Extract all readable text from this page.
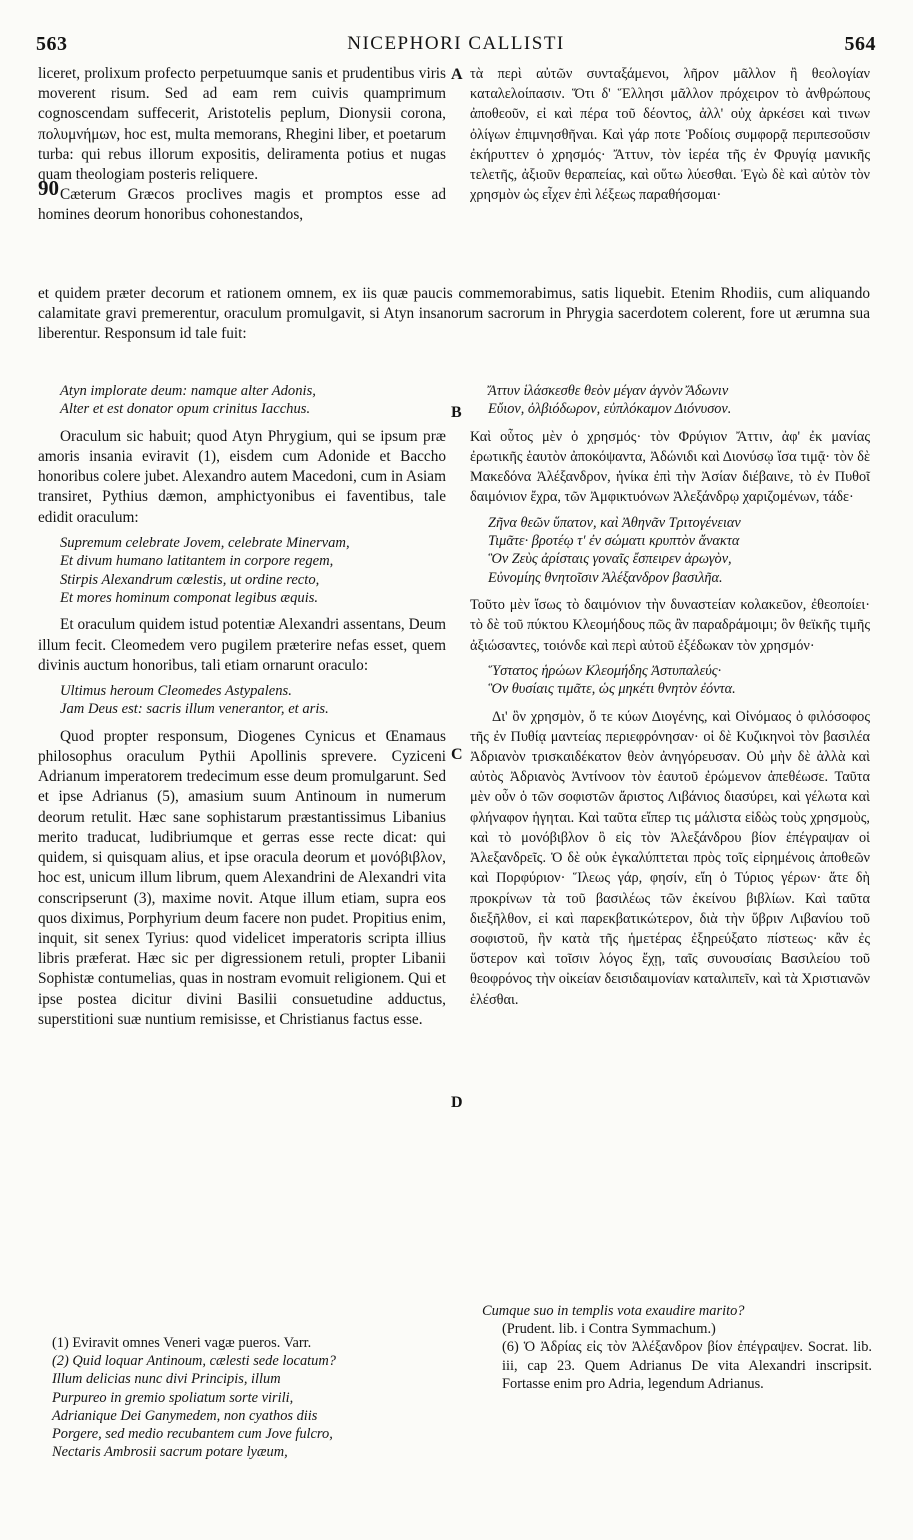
563	NICEPHORI CALLISTI	564

liceret, prolixum profecto perpetuumque sanis et prudentibus viris moverent risum. Sed ad eam rem cuivis quamprimum cognoscendam suffecerit, Aristotelis peplum, Dionysii corona, πολυμνήμων, hoc est, multa memorans, Rhegini liber, et poetarum turba: qui rebus illorum expositis, deliramenta potius et nugas quam theologiam posteris reliquere.

Cæterum Græcos proclives magis et promptos esse ad homines deorum honoribus cohonestandos,

90
A τὰ περὶ αὐτῶν συνταξάμενοι, λῆρον μᾶλλον ἢ θεολογίαν καταλελοίπασιν. Ὅτι δ' Ἕλλησι μᾶλλον πρόχειρον τὸ ἀνθρώπους ἀποθεοῦν, εἰ καὶ πέρα τοῦ δέοντος, ἀλλ' οὐχ ἀρκέσει καὶ τινων ὀλίγων ἐπιμνησθῆναι. Καὶ γάρ ποτε Ῥοδίοις συμφορᾷ περιπεσοῦσιν ἐκήρυττεν ὁ χρησμός· Ἄττυν, τὸν ἱερέα τῆς ἐν Φρυγίᾳ μανικῆς τελετῆς, ἀξιοῦν θεραπείας, καὶ οὕτω λύεσθαι. Ἐγὼ δὲ καὶ αὐτὸν τὸν χρησμὸν ὡς εἶχεν ἐπὶ λέξεως παραθήσομαι·

et quidem præter decorum et rationem omnem, ex iis quæ paucis commemorabimus, satis liquebit. Etenim Rhodiis, cum aliquando calamitate gravi premerentur, oraculum promulgavit, si Atyn insanorum sacrorum in Phrygia sacerdotem colerent, fore ut ærumna sua liberentur. Responsum id tale fuit:

Atyn implorate deum: namque alter Adonis,
Alter et est donator opum crinitus Iacchus.

Oraculum sic habuit; quod Atyn Phrygium, qui se ipsum præ amoris insania eviravit (1), eisdem cum Adonide et Baccho honoribus colere jubet. Alexandro autem Macedoni, cum in Asiam transiret, Pythius dæmon, amphictyonibus ei faventibus, tale edidit oraculum:

Supremum celebrate Jovem, celebrate Minervam,
Et divum humano latitantem in corpore regem,
Stirpis Alexandrum cœlestis, ut ordine recto,
Et mores hominum componat legibus æquis.

Et oraculum quidem istud potentiæ Alexandri assentans, Deum illum fecit. Cleomedem vero pugilem præterire nefas esset, quem divinis auctum honoribus, tali etiam ornarunt oraculo:

Ultimus heroum Cleomedes Astypalens.
Jam Deus est: sacris illum venerantor, et aris.

Quod propter responsum, Diogenes Cynicus et Œnamaus philosophus oraculum Pythii Apollinis sprevere. Cyziceni Adrianum imperatorem tredecimum esse deum promulgarunt. Sed et ipse Adrianus (5), amasium suum Antinoum in numerum deorum retulit. Hæc sane sophistarum præstantissimus Libanius merito traducat, ludibriumque et gerras esse recte dicat: qui quidem, si quisquam alius, et ipse oracula deorum et μονόβιβλον, hoc est, unicum illum librum, quem Alexandrini de Alexandri vita conscripserunt (3), maxime novit. Atque illum etiam, supra eos quos diximus, Porphyrium deum facere non pudet. Propitius enim, inquit, sit senex Tyrius: quod videlicet imperatoris scripta illius libris præferat. Hæc sic per digressionem retuli, propter Libanii Sophistæ contumelias, quas in nostram evomuit religionem. Qui et ipse postea dicitur divini Basilii consuetudine adductus, superstitioni suæ nuntium remisisse, et Christianus factus esse.

B
C
D

Ἄττυν ἱλάσκεσθε θεὸν μέγαν ἁγνὸν Ἄδωνιν
Εὔιον, ὀλβιόδωρον, εὐπλόκαμον Διόνυσον.

Καὶ οὗτος μὲν ὁ χρησμός· τὸν Φρύγιον Ἄττιν, ἀφ' ἐκ μανίας ἐρωτικῆς ἑαυτὸν ἀποκόψαντα, Ἀδώνιδι καὶ Διονύσῳ ἴσα τιμᾷ· τὸν δὲ Μακεδόνα Ἀλέξανδρον, ἡνίκα ἐπὶ τὴν Ἀσίαν διέβαινε, τὸ ἐν Πυθοῖ δαιμόνιον ἔχρα, τῶν Ἀμφικτυόνων Ἀλεξάνδρῳ χαριζομένων, τάδε·

Ζῆνα θεῶν ὕπατον, καὶ Ἀθηνᾶν Τριτογένειαν
Τιμᾶτε· βροτέῳ τ' ἐν σώματι κρυπτὸν ἄνακτα
Ὃν Ζεὺς ἀρίσταις γοναῖς ἔσπειρεν ἀρωγὸν,
Εὐνομίης θνητοῖσιν Ἀλέξανδρον βασιλῆα.

Τοῦτο μὲν ἴσως τὸ δαιμόνιον τὴν δυναστείαν κολακεῦον, ἐθεοποίει· τὸ δὲ τοῦ πύκτου Κλεομήδους πῶς ἂν παραδράμοιμι; ὃν θεϊκῆς τιμῆς ἀξιώσαντες, τοιόνδε καὶ περὶ αὐτοῦ ἐξέδωκαν τὸν χρησμόν·

Ὕστατος ἡρώων Κλεομήδης Ἀστυπαλεύς·
Ὃν θυσίαις τιμᾶτε, ὡς μηκέτι θνητὸν ἐόντα.

Δι' ὃν χρησμὸν, ὅ τε κύων Διογένης, καὶ Οἰνόμαος ὁ φιλόσοφος τῆς ἐν Πυθίᾳ μαντείας περιεφρόνησαν· οἱ δὲ Κυζικηνοὶ τὸν βασιλέα Ἀδριανὸν τρισκαιδέκατον θεὸν ἀνηγόρευσαν. Οὐ μὴν δὲ ἀλλὰ καὶ αὐτὸς Ἀδριανὸς Ἀντίνοον τὸν ἑαυτοῦ ἐρώμενον ἀπεθέωσε. Ταῦτα μὲν οὖν ὁ τῶν σοφιστῶν ἄριστος Λιβάνιος διασύρει, καὶ γέλωτα καὶ φλήναφον ἡγηται. Καὶ ταῦτα εἴπερ τις μάλιστα εἰδὼς τοὺς χρησμοὺς, καὶ τὸ μονόβιβλον ὃ εἰς τὸν Ἀλεξάνδρου βίον ἐπέγραψαν οἱ Ἀλεξανδρεῖς. Ὁ δὲ οὐκ ἐγκαλύπτεται πρὸς τοῖς εἰρημένοις ἀποθεῶν καὶ Πορφύριον· Ἵλεως γάρ, φησίν, εἴη ὁ Τύριος γέρων· ἅτε δὴ προκρίνων τὰ τοῦ βασιλέως τῶν ἐκείνου βιβλίων. Καὶ ταῦτα διεξῆλθον, εἰ καὶ παρεκβατικώτερον, διὰ τὴν ὕβριν Λιβανίου τοῦ σοφιστοῦ, ἣν κατὰ τῆς ἡμετέρας ἐξηρεύξατο πίστεως· κἂν ἐς ὕστερον καὶ τοῖσιν λόγος ἔχῃ, ταῖς συνουσίαις Βασιλείου τοῦ θεοφρόνος τὴν οἰκείαν δεισιδαιμονίαν καταλιπεῖν, καὶ τὰ Χριστιανῶν ἑλέσθαι.

(1) Eviravit omnes Veneri vagæ pueros. Varr.

(2) Quid loquar Antinoum, cælesti sede locatum?

Illum delicias nunc divi Principis, illum
Purpureo in gremio spoliatum sorte virili,
Adrianique Dei Ganymedem, non cyathos diis
Porgere, sed medio recubantem cum Jove fulcro,
Nectaris Ambrosii sacrum potare lyæum,

Cumque suo in templis vota exaudire marito?

(Prudent. lib. i Contra Symmachum.)

(6) Ὁ Ἀδρίας εἰς τὸν Ἀλέξανδρον βίον ἐπέγραψεν. Socrat. lib. iii, cap 23. Quem Adrianus De vita Alexandri inscripsit. Fortasse enim pro Adria, legendum Adrianus.
